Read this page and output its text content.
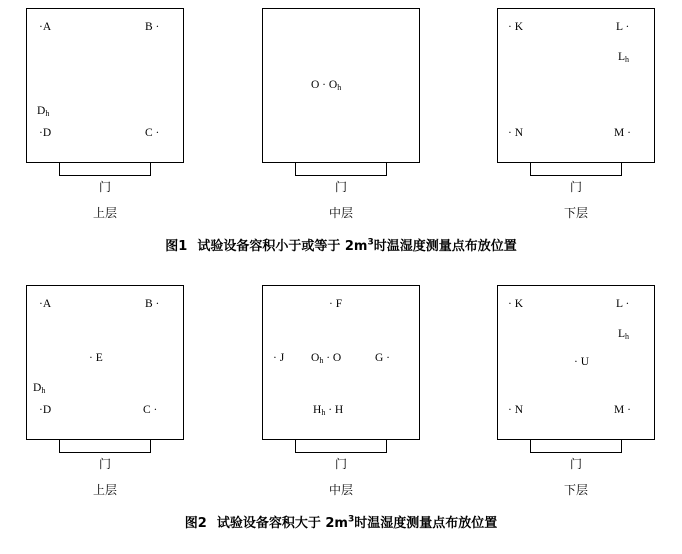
·A	B ·
$D_h$
·D	C ·
门
上层
$O \cdot O_h$
门
中层
· K	L ·
$L_h$
· N	M ·
门
下层
图1 试验设备容积小于或等于 $2m^3$时温湿度测量点布放位置
·A	B ·
· E
$D_h$
·D	C ·
门
上层
· F
· J $O_h \cdot O$	G ·
$H_h \cdot H$
门
中层
· K	L ·
$L_h$
· U
· N	M ·
门
下层
图2 试验设备容积大于 $2m^3$时温湿度测量点布放位置
